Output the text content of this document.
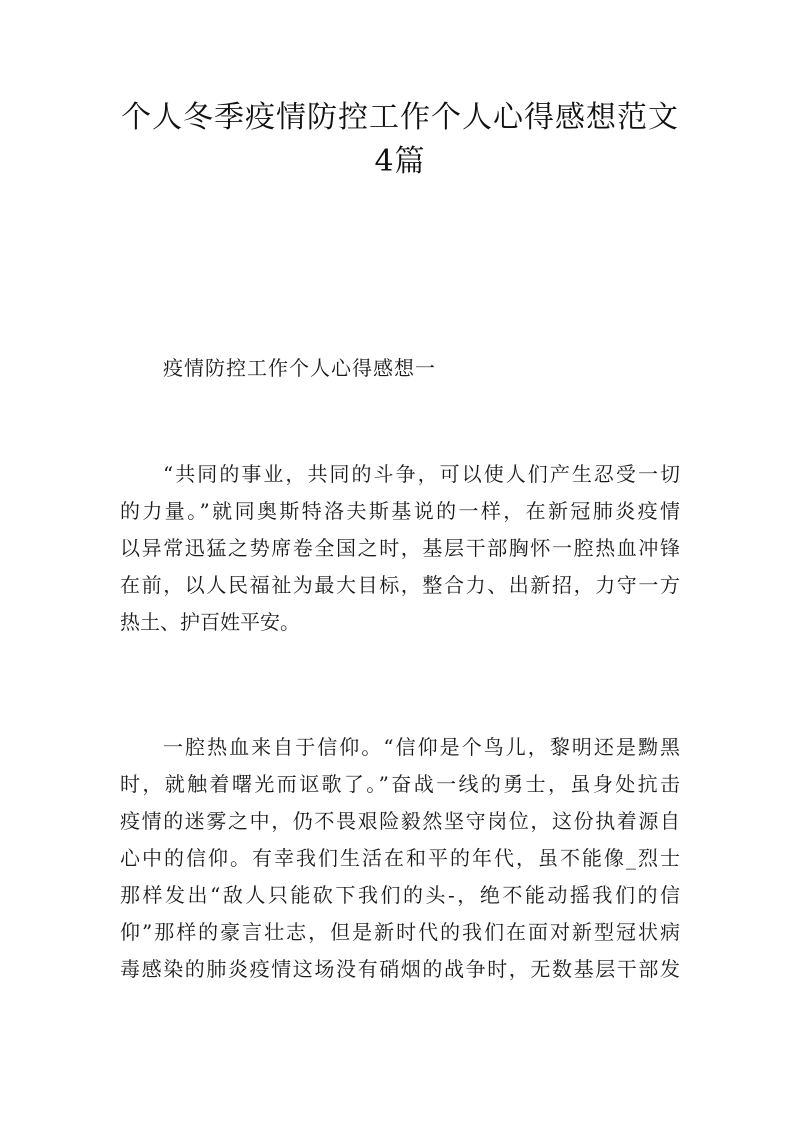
个人冬季疫情防控工作个人心得感想范文
4篇
疫情防控工作个人心得感想一
“共同的事业，共同的斗争，可以使人们产生忍受一切
的力量。”就同奥斯特洛夫斯基说的一样，在新冠肺炎疫情
以异常迅猛之势席卷全国之时，基层干部胸怀一腔热血冲锋
在前，以人民福祉为最大目标，整合力、出新招，力守一方
热土、护百姓平安。
一腔热血来自于信仰。“信仰是个鸟儿，黎明还是黝黑
时，就触着曙光而讴歌了。”奋战一线的勇士，虽身处抗击
疫情的迷雾之中，仍不畏艰险毅然坚守岗位，这份执着源自
心中的信仰。有幸我们生活在和平的年代，虽不能像_烈士
那样发出“敌人只能砍下我们的头-，绝不能动摇我们的信
仰”那样的豪言壮志，但是新时代的我们在面对新型冠状病
毒感染的肺炎疫情这场没有硝烟的战争时，无数基层干部发
